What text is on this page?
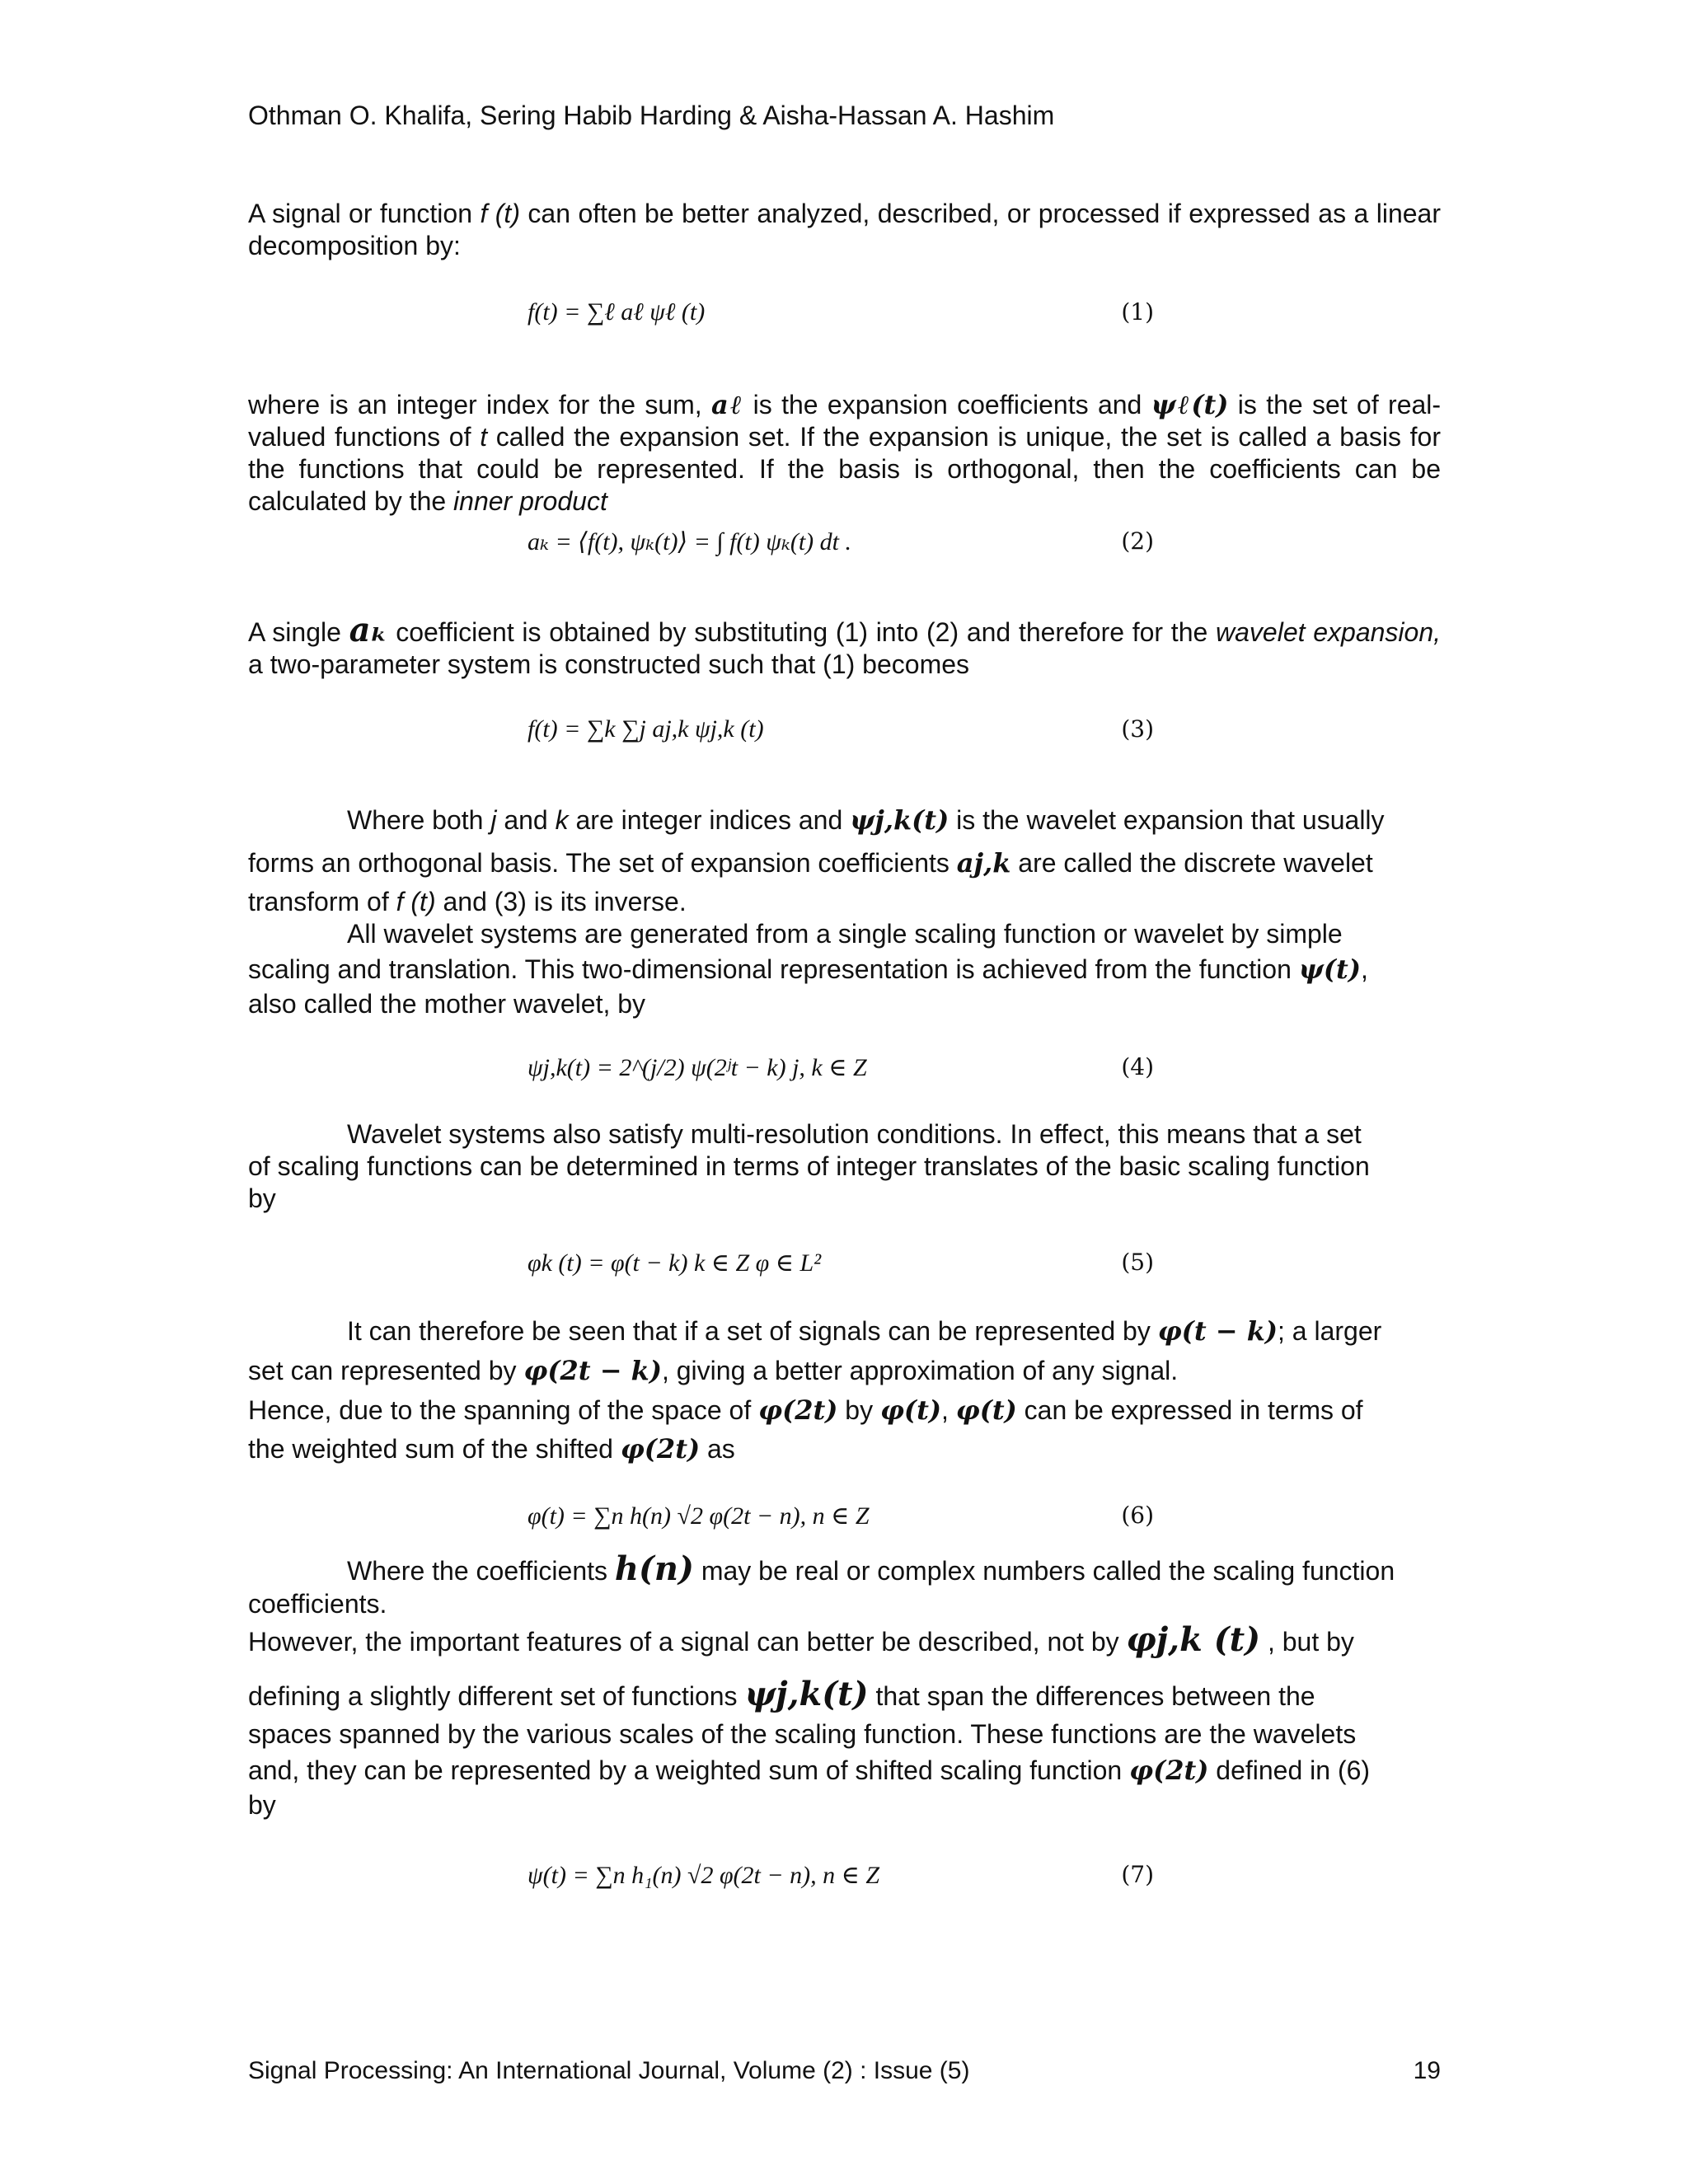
Othman O. Khalifa, Sering Habib Harding & Aisha-Hassan A. Hashim
A signal or function f (t) can often be better analyzed, described, or processed if expressed as a linear decomposition by:
f(t) = ∑ℓ aℓ ψℓ (t)	(1)
where is an integer index for the sum, aℓ is the expansion coefficients and ψℓ(t) is the set of real-valued functions of t called the expansion set. If the expansion is unique, the set is called a basis for the functions that could be represented. If the basis is orthogonal, then the coefficients can be calculated by the inner product
aₖ = ⟨f(t), ψₖ(t)⟩ = ∫ f(t) ψₖ(t) dt .	(2)
A single aₖ coefficient is obtained by substituting (1) into (2) and therefore for the wavelet expansion, a two-parameter system is constructed such that (1) becomes
f(t) = ∑k ∑j aj,k ψj,k (t)	(3)
Where both j and k are integer indices and ψj,k(t) is the wavelet expansion that usually
forms an orthogonal basis. The set of expansion coefficients aj,k are called the discrete wavelet
transform of f (t) and (3) is its inverse.
All wavelet systems are generated from a single scaling function or wavelet by simple
scaling and translation. This two-dimensional representation is achieved from the function ψ(t),
also called the mother wavelet, by
ψj,k(t) = 2^(j/2) ψ(2ʲt − k) j, k ∈ Z	(4)
Wavelet systems also satisfy multi-resolution conditions. In effect, this means that a set
of scaling functions can be determined in terms of integer translates of the basic scaling function
by
φk (t) = φ(t − k) k ∈ Z φ ∈ L²	(5)
It can therefore be seen that if a set of signals can be represented by φ(t − k); a larger
set can represented by φ(2t − k), giving a better approximation of any signal.
Hence, due to the spanning of the space of φ(2t) by φ(t), φ(t) can be expressed in terms of
the weighted sum of the shifted φ(2t) as
φ(t) = ∑n h(n) √2 φ(2t − n), n ∈ Z	(6)
Where the coefficients h(n) may be real or complex numbers called the scaling function
coefficients.
However, the important features of a signal can better be described, not by φj,k (t) , but by
defining a slightly different set of functions ψj,k(t) that span the differences between the
spaces spanned by the various scales of the scaling function. These functions are the wavelets
and, they can be represented by a weighted sum of shifted scaling function φ(2t) defined in (6)
by
ψ(t) = ∑n h₁(n) √2 φ(2t − n), n ∈ Z	(7)
Signal Processing: An International Journal, Volume (2) : Issue (5)	19
